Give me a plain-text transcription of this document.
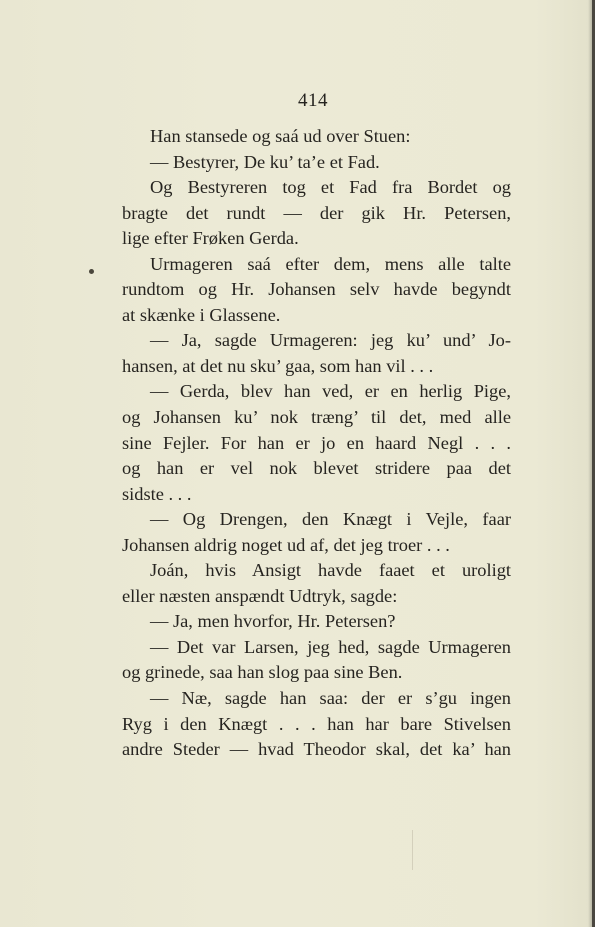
414
Han stansede og saá ud over Stuen:
— Bestyrer, De ku’ ta’e et Fad.
Og Bestyreren tog et Fad fra Bordet og
bragte det rundt — der gik Hr. Petersen,
lige efter Frøken Gerda.
Urmageren saá efter dem, mens alle talte
rundtom og Hr. Johansen selv havde begyndt
at skænke i Glassene.
— Ja, sagde Urmageren: jeg ku’ und’ Jo-
hansen, at det nu sku’ gaa, som han vil . . .
— Gerda, blev han ved, er en herlig Pige,
og Johansen ku’ nok træng’ til det, med alle
sine Fejler. For han er jo en haard Negl . . .
og han er vel nok blevet stridere paa det
sidste . . .
— Og Drengen, den Knægt i Vejle, faar
Johansen aldrig noget ud af, det jeg troer . . .
Joán, hvis Ansigt havde faaet et uroligt
eller næsten anspændt Udtryk, sagde:
— Ja, men hvorfor, Hr. Petersen?
— Det var Larsen, jeg hed, sagde Urmageren
og grinede, saa han slog paa sine Ben.
— Næ, sagde han saa: der er s’gu ingen
Ryg i den Knægt . . . han har bare Stivelsen
andre Steder — hvad Theodor skal, det ka’ han
